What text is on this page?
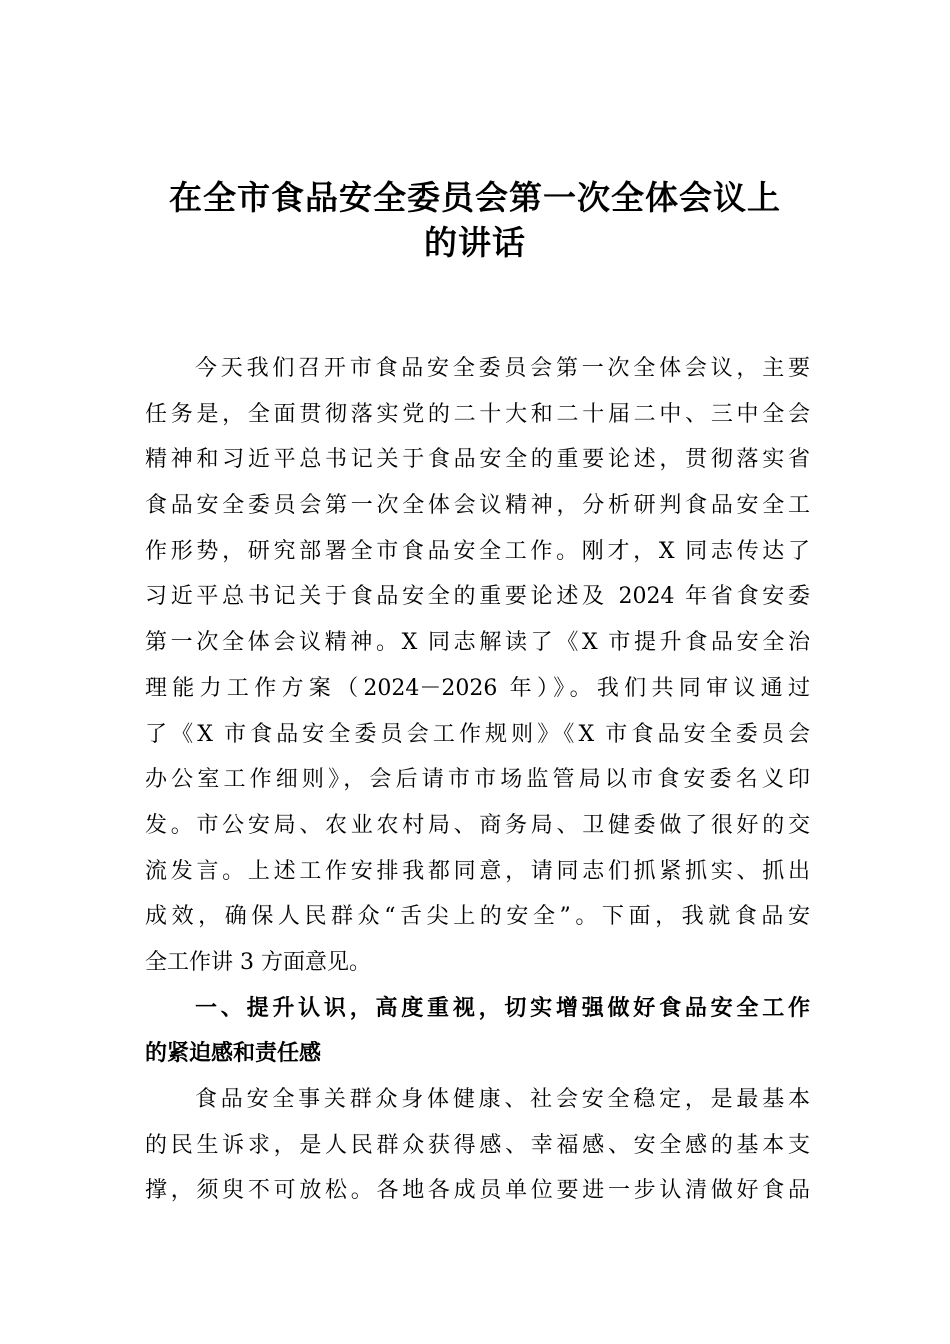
在全市食品安全委员会第一次全体会议上
的讲话
今天我们召开市食品安全委员会第一次全体会议，主要
任务是，全面贯彻落实党的二十大和二十届二中、三中全会
精神和习近平总书记关于食品安全的重要论述，贯彻落实省
食品安全委员会第一次全体会议精神，分析研判食品安全工
作形势，研究部署全市食品安全工作。刚才，X 同志传达了
习近平总书记关于食品安全的重要论述及 2024 年省食安委
第一次全体会议精神。X 同志解读了《X 市提升食品安全治
理能力工作方案（2024－2026 年）》。我们共同审议通过
了《X 市食品安全委员会工作规则》《X 市食品安全委员会
办公室工作细则》，会后请市市场监管局以市食安委名义印
发。市公安局、农业农村局、商务局、卫健委做了很好的交
流发言。上述工作安排我都同意，请同志们抓紧抓实、抓出
成效，确保人民群众“舌尖上的安全”。下面，我就食品安
全工作讲 3 方面意见。
一、提升认识，高度重视，切实增强做好食品安全工作
的紧迫感和责任感
食品安全事关群众身体健康、社会安全稳定，是最基本
的民生诉求，是人民群众获得感、幸福感、安全感的基本支
撑，须臾不可放松。各地各成员单位要进一步认清做好食品
